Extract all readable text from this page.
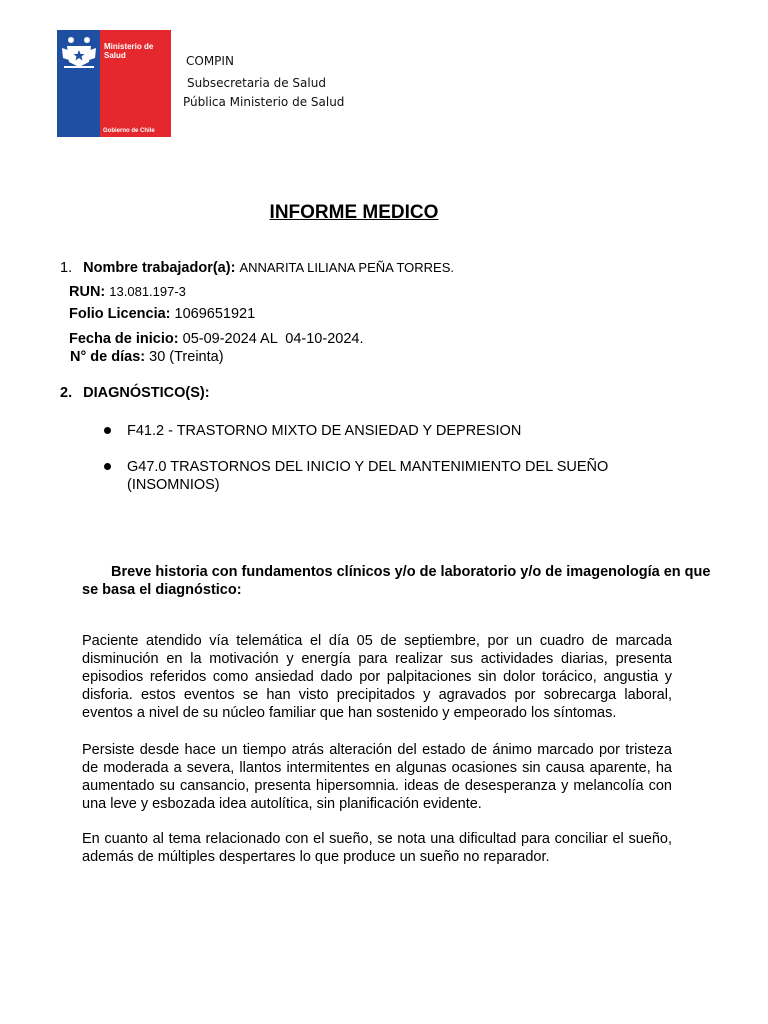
Ministerio de
Salud
Gobierno de Chile
COMPIN
Subsecretaria de Salud
Pública Ministerio de Salud
INFORME MEDICO
1. Nombre trabajador(a): ANNARITA LILIANA PEÑA TORRES.
RUN: 13.081.197-3
Folio Licencia: 1069651921
Fecha de inicio: 05-09-2024 AL  04-10-2024.
N° de días: 30 (Treinta)
2. DIAGNÓSTICO(S):
F41.2 - TRASTORNO MIXTO DE ANSIEDAD Y DEPRESION
G47.0 TRASTORNOS DEL INICIO Y DEL MANTENIMIENTO DEL SUEÑO (INSOMNIOS)
Breve historia con fundamentos clínicos y/o de laboratorio y/o de imagenología en que se basa el diagnóstico:
Paciente atendido vía telemática el día 05 de septiembre, por un cuadro de marcada disminución en la motivación y energía para realizar sus actividades diarias, presenta episodios referidos como ansiedad dado por palpitaciones sin dolor torácico, angustia y disforia. estos eventos se han visto precipitados y agravados por sobrecarga laboral, eventos a nivel de su núcleo familiar que han sostenido y empeorado los síntomas.
Persiste desde hace un tiempo atrás alteración del estado de ánimo marcado por tristeza de moderada a severa, llantos intermitentes en algunas ocasiones sin causa aparente, ha aumentado su cansancio, presenta hipersomnia. ideas de desesperanza y melancolía con una leve y esbozada idea autolítica, sin planificación evidente.
En cuanto al tema relacionado con el sueño, se nota una dificultad para conciliar el sueño, además de múltiples despertares lo que produce un sueño no reparador.
